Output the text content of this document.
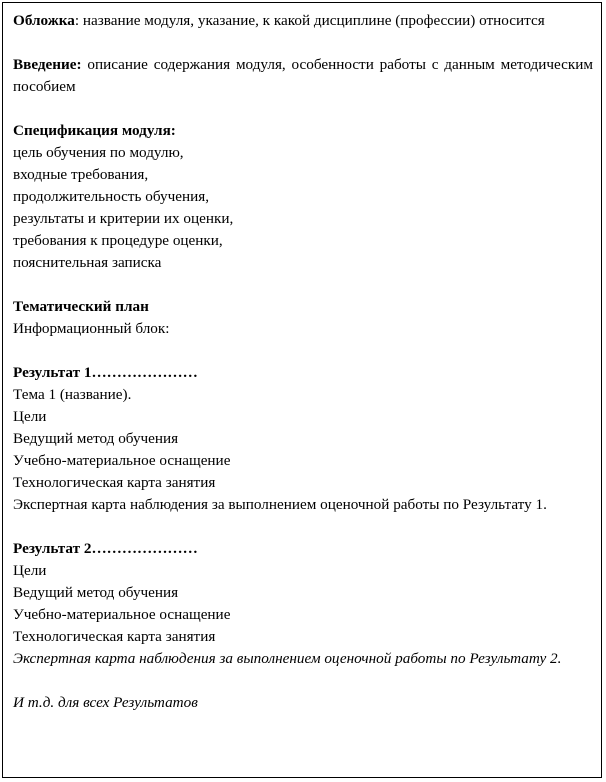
Обложка: название модуля, указание, к какой дисциплине (профессии) относится

Введение: описание содержания модуля, особенности работы с данным методическим пособием

Спецификация модуля:

цель обучения по модулю,

входные требования,

продолжительность обучения,

результаты и критерии их оценки,

требования к процедуре оценки,

пояснительная записка

Тематический план

Информационный блок:

Результат 1…………………

Тема 1 (название).

Цели

Ведущий метод обучения

Учебно-материальное оснащение

Технологическая карта занятия

Экспертная карта наблюдения за выполнением оценочной работы по Результату 1.

Результат 2…………………

Цели

Ведущий метод обучения

Учебно-материальное оснащение

Технологическая карта занятия

Экспертная карта наблюдения за выполнением оценочной работы по Результату 2.

И т.д. для всех Результатов
